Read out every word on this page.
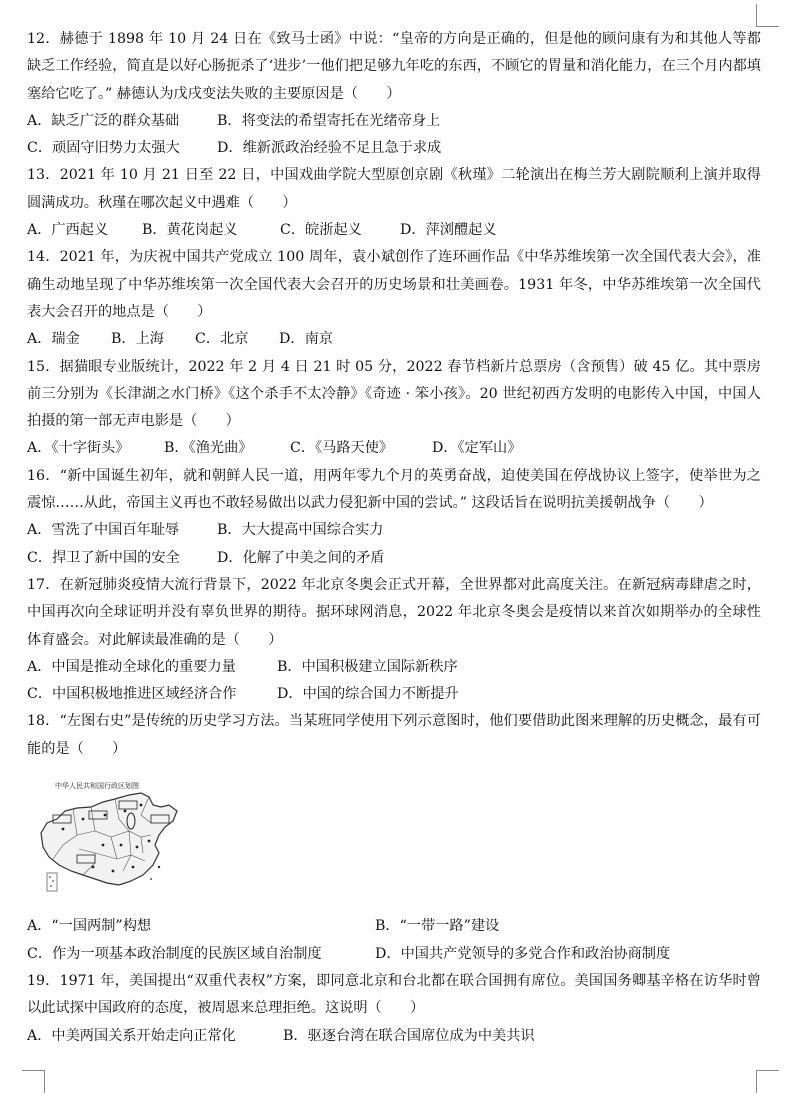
12．赫德于 1898 年 10 月 24 日在《致马士函》中说：“皇帝的方向是正确的，但是他的顾问康有为和其他人等都缺乏工作经验，简直是以好心肠扼杀了‘进步’一他们把足够九年吃的东西，不顾它的胃量和消化能力，在三个月内都填塞给它吃了。” 赫德认为戊戌变法失败的主要原因是（　　）

A．缺乏广泛的群众基础	B．将变法的希望寄托在光绪帝身上
C．顽固守旧势力太强大	D．维新派政治经验不足且急于求成

13．2021 年 10 月 21 日至 22 日，中国戏曲学院大型原创京剧《秋瑾》二轮演出在梅兰芳大剧院顺利上演并取得圆满成功。秋瑾在哪次起义中遇难（　　）

A．广西起义	B．黄花岗起义	C．皖浙起义	D．萍浏醴起义

14．2021 年，为庆祝中国共产党成立 100 周年，袁小斌创作了连环画作品《中华苏维埃第一次全国代表大会》，准确生动地呈现了中华苏维埃第一次全国代表大会召开的历史场景和壮美画卷。1931 年冬，中华苏维埃第一次全国代表大会召开的地点是（　　）

A．瑞金	B．上海	C．北京	D．南京

15．据猫眼专业版统计，2022 年 2 月 4 日 21 时 05 分，2022 春节档新片总票房（含预售）破 45 亿。其中票房前三分别为《长津湖之水门桥》《这个杀手不太冷静》《奇迹 · 笨小孩》。20 世纪初西方发明的电影传入中国，中国人拍摄的第一部无声电影是（　　）

A．《十字街头》	B．《渔光曲》	C．《马路天使》	D．《定军山》

16．“新中国诞生初年，就和朝鲜人民一道，用两年零九个月的英勇奋战，迫使美国在停战协议上签字，使举世为之震惊……从此，帝国主义再也不敢轻易做出以武力侵犯新中国的尝试。” 这段话旨在说明抗美援朝战争（　　）

A．雪洗了中国百年耻辱	B．大大提高中国综合实力
C．捍卫了新中国的安全	D．化解了中美之间的矛盾

17．在新冠肺炎疫情大流行背景下，2022 年北京冬奥会正式开幕，全世界都对此高度关注。在新冠病毒肆虐之时，中国再次向全球证明并没有辜负世界的期待。据环球网消息，2022 年北京冬奥会是疫情以来首次如期举办的全球性体育盛会。对此解读最准确的是（　　）

A．中国是推动全球化的重要力量	B．中国积极建立国际新秩序
C．中国积极地推进区域经济合作	D．中国的综合国力不断提升

18．“左图右史”是传统的历史学习方法。当某班同学使用下列示意图时，他们要借助此图来理解的历史概念，最有可能的是（　　）

中华人民共和国行政区划图
A．“一国两制”构想	B．“一带一路”建设
C．作为一项基本政治制度的民族区域自治制度	D．中国共产党领导的多党合作和政治协商制度

19．1971 年，美国提出“双重代表权”方案，即同意北京和台北都在联合国拥有席位。美国国务卿基辛格在访华时曾以此试探中国政府的态度，被周恩来总理拒绝。这说明（　　）

A．中美两国关系开始走向正常化	B．驱逐台湾在联合国席位成为中美共识
